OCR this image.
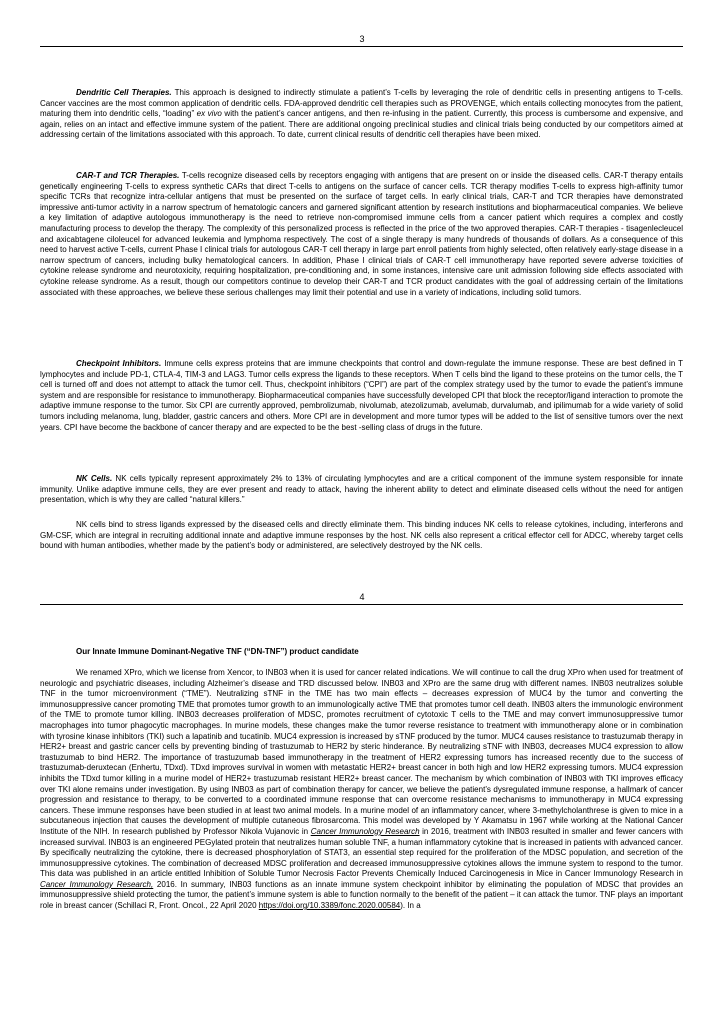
3

Dendritic Cell Therapies. This approach is designed to indirectly stimulate a patient’s T-cells by leveraging the role of dendritic cells in presenting antigens to T-cells. Cancer vaccines are the most common application of dendritic cells. FDA-approved dendritic cell therapies such as PROVENGE, which entails collecting monocytes from the patient, maturing them into dendritic cells, “loading” ex vivo with the patient’s cancer antigens, and then re-infusing in the patient. Currently, this process is cumbersome and expensive, and again, relies on an intact and effective immune system of the patient. There are additional ongoing preclinical studies and clinical trials being conducted by our competitors aimed at addressing certain of the limitations associated with this approach. To date, current clinical results of dendritic cell therapies have been mixed.

CAR-T and TCR Therapies. T-cells recognize diseased cells by receptors engaging with antigens that are present on or inside the diseased cells. CAR-T therapy entails genetically engineering T-cells to express synthetic CARs that direct T-cells to antigens on the surface of cancer cells. TCR therapy modifies T-cells to express high-affinity tumor specific TCRs that recognize intra-cellular antigens that must be presented on the surface of target cells. In early clinical trials, CAR-T and TCR therapies have demonstrated impressive anti-tumor activity in a narrow spectrum of hematologic cancers and garnered significant attention by research institutions and biopharmaceutical companies. We believe a key limitation of adaptive autologous immunotherapy is the need to retrieve non-compromised immune cells from a cancer patient which requires a complex and costly manufacturing process to develop the therapy. The complexity of this personalized process is reflected in the price of the two approved therapies. CAR-T therapies - tisagenlecleucel and axicabtagene ciloleucel for advanced leukemia and lymphoma respectively. The cost of a single therapy is many hundreds of thousands of dollars. As a consequence of this need to harvest active T-cells, current Phase I clinical trials for autologous CAR-T cell therapy in large part enroll patients from highly selected, often relatively early-stage disease in a narrow spectrum of cancers, including bulky hematological cancers. In addition, Phase I clinical trials of CAR-T cell immunotherapy have reported severe adverse toxicities of cytokine release syndrome and neurotoxicity, requiring hospitalization, pre-conditioning and, in some instances, intensive care unit admission following side effects associated with cytokine release syndrome. As a result, though our competitors continue to develop their CAR-T and TCR product candidates with the goal of addressing certain of the limitations associated with these approaches, we believe these serious challenges may limit their potential and use in a variety of indications, including solid tumors.

Checkpoint Inhibitors. Immune cells express proteins that are immune checkpoints that control and down-regulate the immune response. These are best defined in T lymphocytes and include PD-1, CTLA-4, TIM-3 and LAG3. Tumor cells express the ligands to these receptors. When T cells bind the ligand to these proteins on the tumor cells, the T cell is turned off and does not attempt to attack the tumor cell. Thus, checkpoint inhibitors (“CPI”) are part of the complex strategy used by the tumor to evade the patient’s immune system and are responsible for resistance to immunotherapy. Biopharmaceutical companies have successfully developed CPI that block the receptor/ligand interaction to promote the adaptive immune response to the tumor. Six CPI are currently approved, pembrolizumab, nivolumab, atezolizumab, avelumab, durvalumab, and ipilimumab for a wide variety of solid tumors including melanoma, lung, bladder, gastric cancers and others. More CPI are in development and more tumor types will be added to the list of sensitive tumors over the next years. CPI have become the backbone of cancer therapy and are expected to be the best -selling class of drugs in the future.

NK Cells. NK cells typically represent approximately 2% to 13% of circulating lymphocytes and are a critical component of the immune system responsible for innate immunity. Unlike adaptive immune cells, they are ever present and ready to attack, having the inherent ability to detect and eliminate diseased cells without the need for antigen presentation, which is why they are called “natural killers.”

NK cells bind to stress ligands expressed by the diseased cells and directly eliminate them. This binding induces NK cells to release cytokines, including, interferons and GM-CSF, which are integral in recruiting additional innate and adaptive immune responses by the host. NK cells also represent a critical effector cell for ADCC, whereby target cells bound with human antibodies, whether made by the patient’s body or administered, are selectively destroyed by the NK cells.

4
Our Innate Immune Dominant-Negative TNF (“DN-TNF”) product candidate

We renamed XPro, which we license from Xencor, to INB03 when it is used for cancer related indications. We will continue to call the drug XPro when used for treatment of neurologic and psychiatric diseases, including Alzheimer’s disease and TRD discussed below. INB03 and XPro are the same drug with different names. INB03 neutralizes soluble TNF in the tumor microenvironment (“TME”). Neutralizing sTNF in the TME has two main effects – decreases expression of MUC4 by the tumor and converting the immunosuppressive cancer promoting TME that promotes tumor growth to an immunologically active TME that promotes tumor cell death. INB03 alters the immunologic environment of the TME to promote tumor killing. INB03 decreases proliferation of MDSC, promotes recruitment of cytotoxic T cells to the TME and may convert immunosuppressive tumor macrophages into tumor phagocytic macrophages. In murine models, these changes make the tumor reverse resistance to treatment with immunotherapy alone or in combination with tyrosine kinase inhibitors (TKI) such a lapatinib and tucatinib. MUC4 expression is increased by sTNF produced by the tumor. MUC4 causes resistance to trastuzumab therapy in HER2+ breast and gastric cancer cells by preventing binding of trastuzumab to HER2 by steric hinderance. By neutralizing sTNF with INB03, decreases MUC4 expression to allow trastuzumab to bind HER2. The importance of trastuzumab based immunotherapy in the treatment of HER2 expressing tumors has increased recently due to the success of trastuzumab-deruxtecan (Enhertu, TDxd). TDxd improves survival in women with metastatic HER2+ breast cancer in both high and low HER2 expressing tumors. MUC4 expression inhibits the TDxd tumor killing in a murine model of HER2+ trastuzumab resistant HER2+ breast cancer. The mechanism by which combination of INB03 with TKI improves efficacy over TKI alone remains under investigation. By using INB03 as part of combination therapy for cancer, we believe the patient’s dysregulated immune response, a hallmark of cancer progression and resistance to therapy, to be converted to a coordinated immune response that can overcome resistance mechanisms to immunotherapy in MUC4 expressing cancers. These immune responses have been studied in at least two animal models. In a murine model of an inflammatory cancer, where 3-methylcholanthrese is given to mice in a subcutaneous injection that causes the development of multiple cutaneous fibrosarcoma. This model was developed by Y Akamatsu in 1967 while working at the National Cancer Institute of the NIH. In research published by Professor Nikola Vujanovic in Cancer Immunology Research in 2016, treatment with INB03 resulted in smaller and fewer cancers with increased survival. INB03 is an engineered PEGylated protein that neutralizes human soluble TNF, a human inflammatory cytokine that is increased in patients with advanced cancer. By specifically neutralizing the cytokine, there is decreased phosphorylation of STAT3, an essential step required for the proliferation of the MDSC population, and secretion of the immunosuppressive cytokines. The combination of decreased MDSC proliferation and decreased immunosuppressive cytokines allows the immune system to respond to the tumor. This data was published in an article entitled Inhibition of Soluble Tumor Necrosis Factor Prevents Chemically Induced Carcinogenesis in Mice in Cancer Immunology Research in Cancer Immunology Research, 2016. In summary, INB03 functions as an innate immune system checkpoint inhibitor by eliminating the population of MDSC that provides an immunosuppressive shield protecting the tumor, the patient’s immune system is able to function normally to the benefit of the patient – it can attack the tumor. TNF plays an important role in breast cancer (Schillaci R, Front. Oncol., 22 April 2020 https://doi.org/10.3389/fonc.2020.00584). In a
